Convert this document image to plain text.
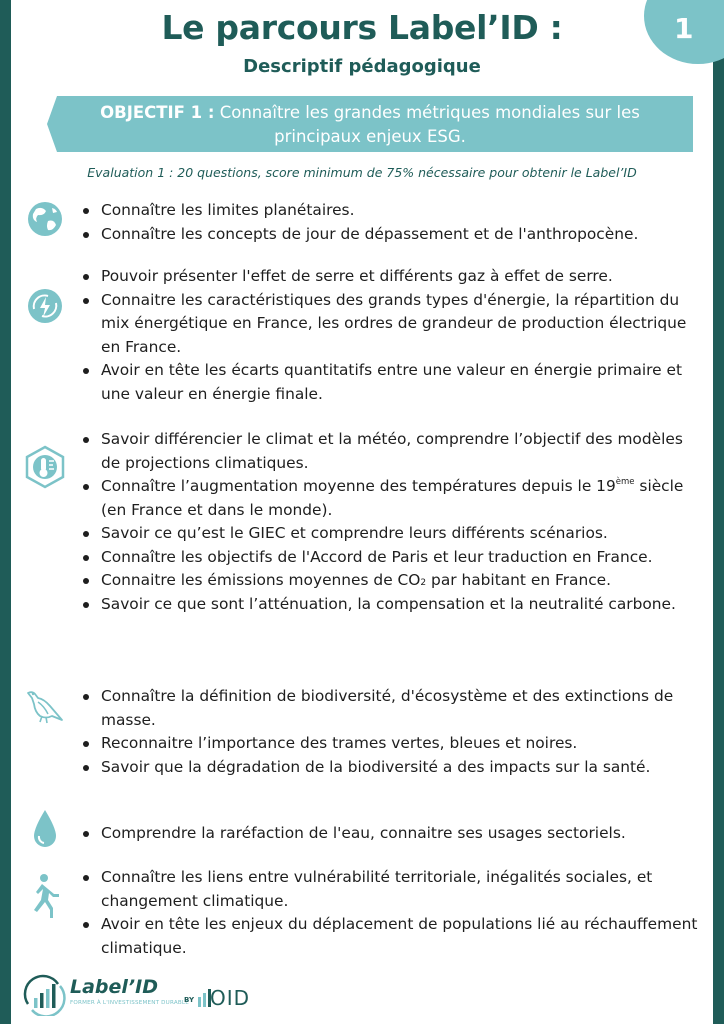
1
Le parcours Label’ID :
Descriptif pédagogique
OBJECTIF 1 : Connaître les grandes métriques mondiales sur les
principaux enjeux ESG.
Evaluation 1 : 20 questions, score minimum de 75% nécessaire pour obtenir le Label’ID
Connaître les limites planétaires.
Connaître les concepts de jour de dépassement et de l'anthropocène.
Pouvoir présenter l'effet de serre et différents gaz à effet de serre.
Connaitre les caractéristiques des grands types d'énergie, la répartition du mix énergétique en France, les ordres de grandeur de production électrique en France.
Avoir en tête les écarts quantitatifs entre une valeur en énergie primaire et une valeur en énergie finale.
Savoir différencier le climat et la météo, comprendre l’objectif des modèles de projections climatiques.
Connaître l’augmentation moyenne des températures depuis le 19ème siècle (en France et dans le monde).
Savoir ce qu’est le GIEC et comprendre leurs différents scénarios.
Connaître les objectifs de l'Accord de Paris et leur traduction en France.
Connaitre les émissions moyennes de $CO_2$ par habitant en France.
Savoir ce que sont l’atténuation, la compensation et la neutralité carbone.
Connaître la définition de biodiversité, d'écosystème et des extinctions de masse.
Reconnaitre l’importance des trames vertes, bleues et noires.
Savoir que la dégradation de la biodiversité a des impacts sur la santé.
Comprendre la raréfaction de l'eau, connaitre ses usages sectoriels.
Connaître les liens entre vulnérabilité territoriale, inégalités sociales, et changement climatique.
Avoir en tête les enjeux du déplacement de populations lié au réchauffement climatique.
Label’ID
FORMER À L'INVESTISSEMENT DURABLE
BY OID
